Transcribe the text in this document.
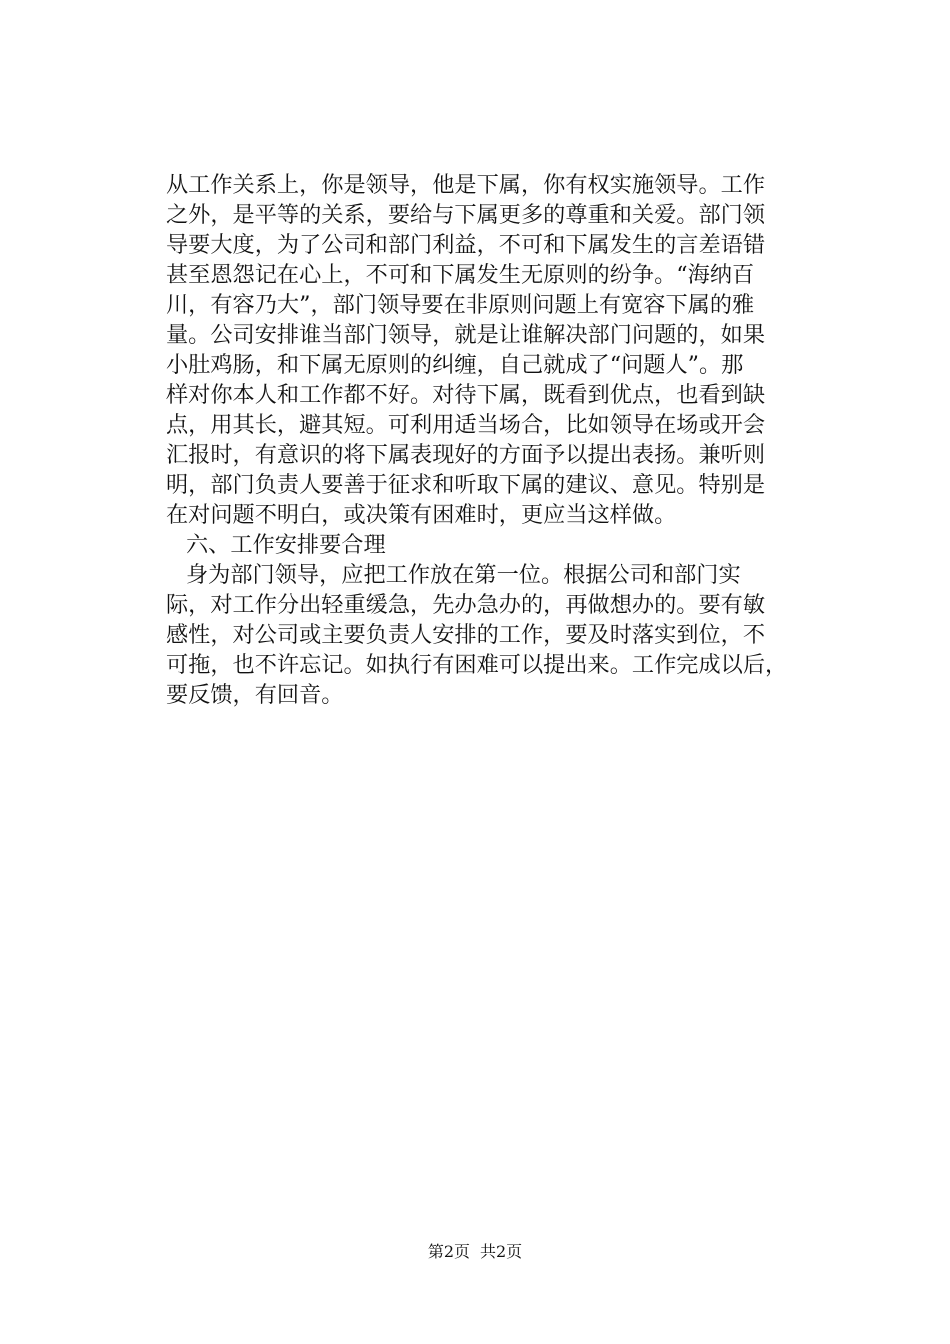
从工作关系上，你是领导，他是下属，你有权实施领导。工作
之外，是平等的关系，要给与下属更多的尊重和关爱。部门领
导要大度，为了公司和部门利益，不可和下属发生的言差语错
甚至恩怨记在心上，不可和下属发生无原则的纷争。“海纳百
川，有容乃大”，部门领导要在非原则问题上有宽容下属的雅
量。公司安排谁当部门领导，就是让谁解决部门问题的，如果
小肚鸡肠，和下属无原则的纠缠，自己就成了“问题人”。那
样对你本人和工作都不好。对待下属，既看到优点，也看到缺
点，用其长，避其短。可利用适当场合，比如领导在场或开会
汇报时，有意识的将下属表现好的方面予以提出表扬。兼听则
明，部门负责人要善于征求和听取下属的建议、意见。特别是
在对问题不明白，或决策有困难时，更应当这样做。
六、工作安排要合理
身为部门领导，应把工作放在第一位。根据公司和部门实
际，对工作分出轻重缓急，先办急办的，再做想办的。要有敏
感性，对公司或主要负责人安排的工作，要及时落实到位，不
可拖，也不许忘记。如执行有困难可以提出来。工作完成以后，
要反馈，有回音。
第2页 共2页
